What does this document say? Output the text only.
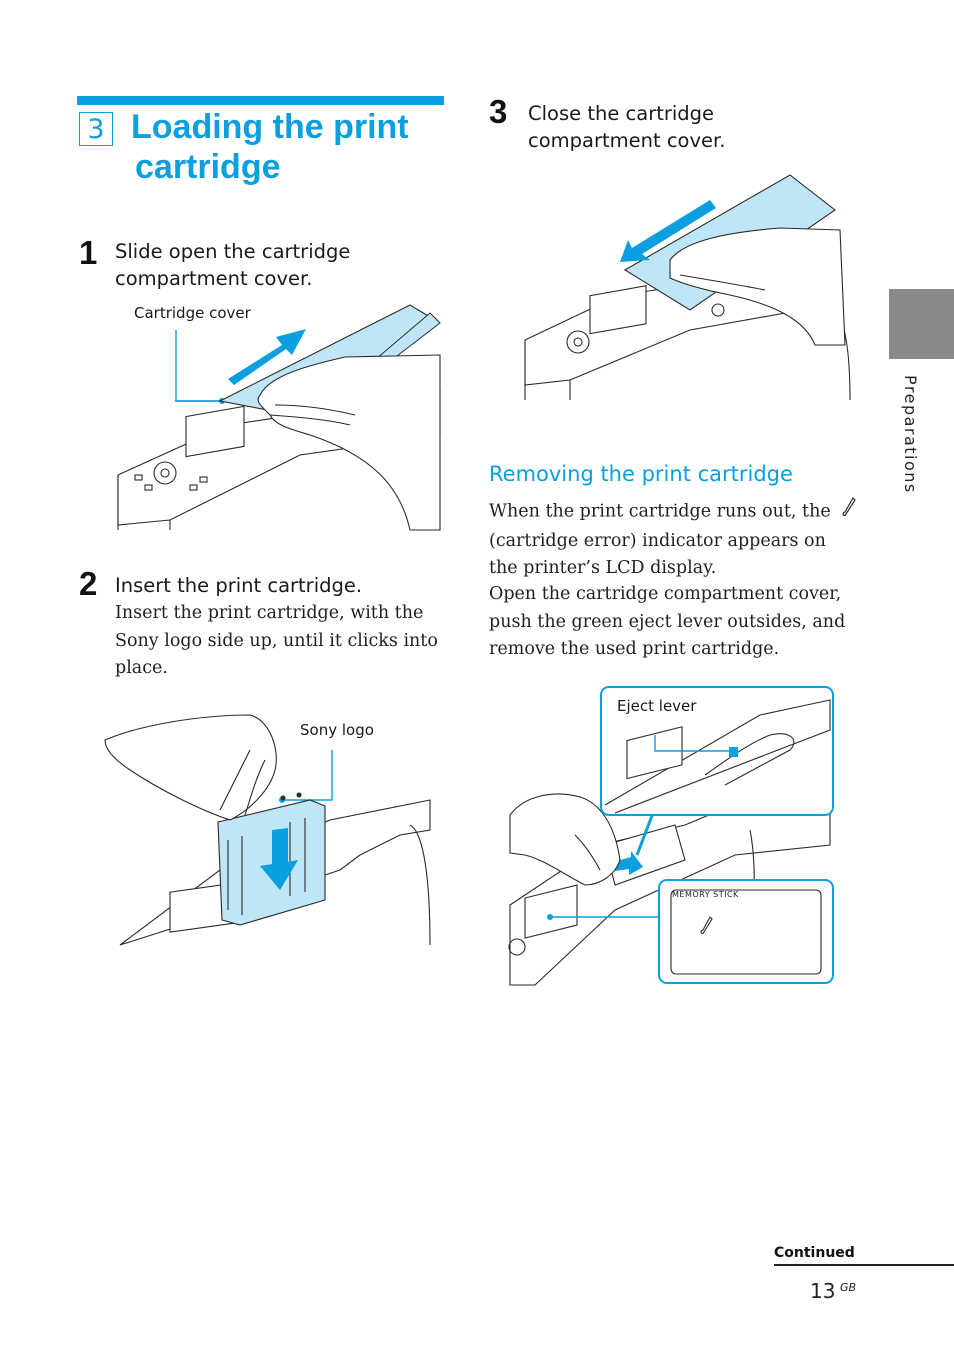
3 Loading the print
cartridge
1 Slide open the cartridge
compartment cover.
Cartridge cover
2 Insert the print cartridge.
Insert the print cartridge, with the
Sony logo side up, until it clicks into
place.
Sony logo
3 Close the cartridge
compartment cover.
Removing the print cartridge
When the print cartridge runs out, the
(cartridge error) indicator appears on
the printer’s LCD display.
Open the cartridge compartment cover,
push the green eject lever outsides, and
remove the used print cartridge.
Eject lever
MEMORY STICK
Preparations
Continued
13 GB
